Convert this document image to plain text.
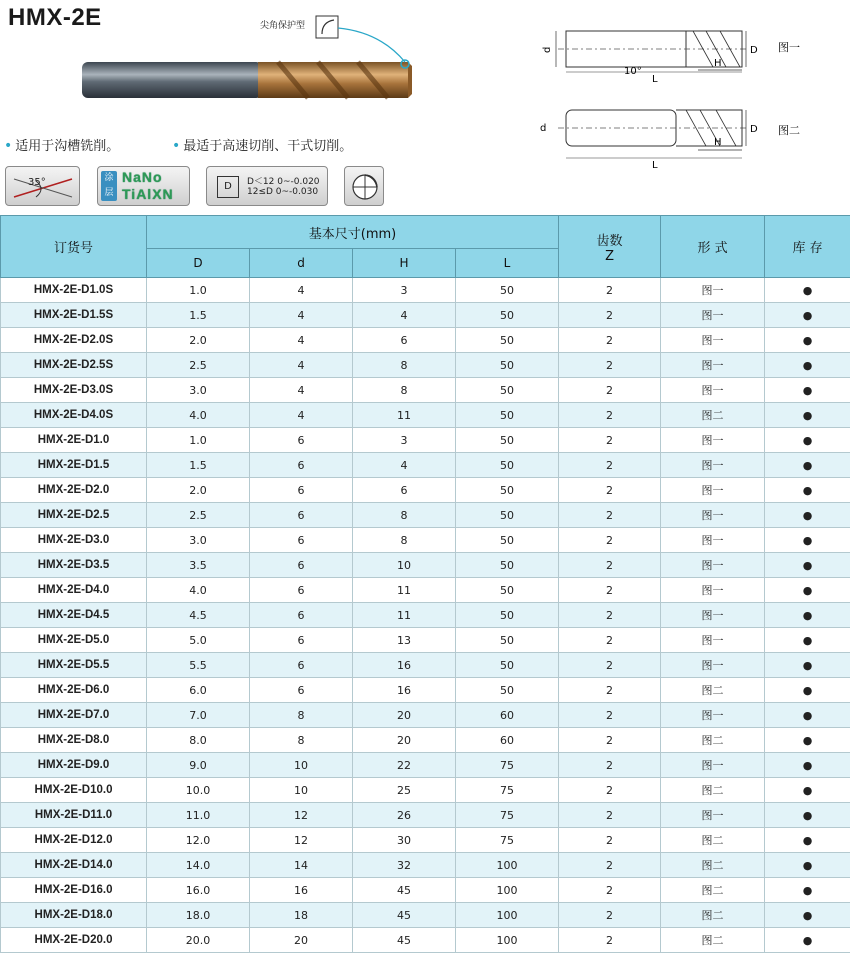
HMX-2E	尖角保护型
d	D
H
L
10°
图一
d	D
H
L
图二
• 适用于沟槽铣削。	• 最适于高速切削、干式切削。
35°	涂层
NaNo
TiAlXN	D	D＜12 0~-0.020
12≤D 0~-0.030
订货号	基本尺寸(mm)				齿数
Z	形 式	库 存
	D	d	H	L			
HMX-2E-D1.0S	1.0	4	3	50	2	图一	●
HMX-2E-D1.5S	1.5	4	4	50	2	图一	●
HMX-2E-D2.0S	2.0	4	6	50	2	图一	●
HMX-2E-D2.5S	2.5	4	8	50	2	图一	●
HMX-2E-D3.0S	3.0	4	8	50	2	图一	●
HMX-2E-D4.0S	4.0	4	11	50	2	图二	●
HMX-2E-D1.0	1.0	6	3	50	2	图一	●
HMX-2E-D1.5	1.5	6	4	50	2	图一	●
HMX-2E-D2.0	2.0	6	6	50	2	图一	●
HMX-2E-D2.5	2.5	6	8	50	2	图一	●
HMX-2E-D3.0	3.0	6	8	50	2	图一	●
HMX-2E-D3.5	3.5	6	10	50	2	图一	●
HMX-2E-D4.0	4.0	6	11	50	2	图一	●
HMX-2E-D4.5	4.5	6	11	50	2	图一	●
HMX-2E-D5.0	5.0	6	13	50	2	图一	●
HMX-2E-D5.5	5.5	6	16	50	2	图一	●
HMX-2E-D6.0	6.0	6	16	50	2	图二	●
HMX-2E-D7.0	7.0	8	20	60	2	图一	●
HMX-2E-D8.0	8.0	8	20	60	2	图二	●
HMX-2E-D9.0	9.0	10	22	75	2	图一	●
HMX-2E-D10.0	10.0	10	25	75	2	图二	●
HMX-2E-D11.0	11.0	12	26	75	2	图一	●
HMX-2E-D12.0	12.0	12	30	75	2	图二	●
HMX-2E-D14.0	14.0	14	32	100	2	图二	●
HMX-2E-D16.0	16.0	16	45	100	2	图二	●
HMX-2E-D18.0	18.0	18	45	100	2	图二	●
HMX-2E-D20.0	20.0	20	45	100	2	图二	●
